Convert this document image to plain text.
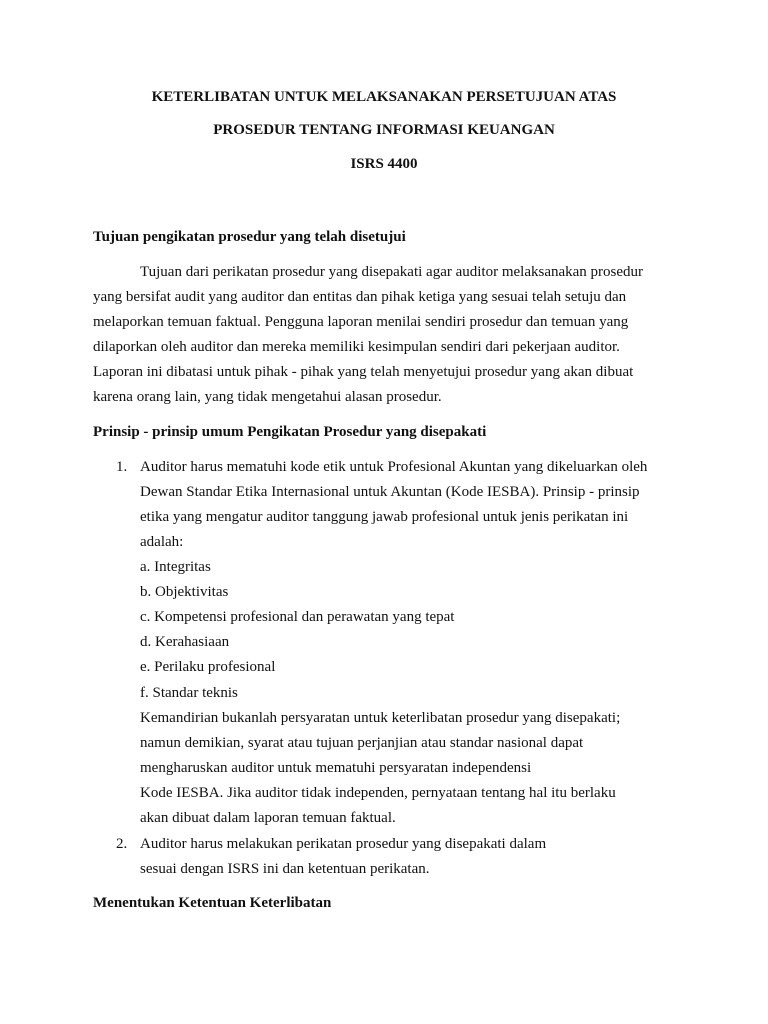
KETERLIBATAN UNTUK MELAKSANAKAN PERSETUJUAN ATAS
PROSEDUR TENTANG INFORMASI KEUANGAN
ISRS 4400
Tujuan pengikatan prosedur yang telah disetujui
Tujuan dari perikatan prosedur yang disepakati agar auditor melaksanakan prosedur
yang bersifat audit yang auditor dan entitas dan pihak ketiga yang sesuai telah setuju dan
melaporkan temuan faktual. Pengguna laporan menilai sendiri prosedur dan temuan yang
dilaporkan oleh auditor dan mereka memiliki kesimpulan sendiri dari pekerjaan auditor.
Laporan ini dibatasi untuk pihak - pihak yang telah menyetujui prosedur yang akan dibuat
karena orang lain, yang tidak mengetahui alasan prosedur.
Prinsip - prinsip umum Pengikatan Prosedur yang disepakati
1. Auditor harus mematuhi kode etik untuk Profesional Akuntan yang dikeluarkan oleh
Dewan Standar Etika Internasional untuk Akuntan (Kode IESBA). Prinsip - prinsip
etika yang mengatur auditor tanggung jawab profesional untuk jenis perikatan ini
adalah:
a. Integritas
b. Objektivitas
c. Kompetensi profesional dan perawatan yang tepat
d. Kerahasiaan
e. Perilaku profesional
f. Standar teknis
Kemandirian bukanlah persyaratan untuk keterlibatan prosedur yang disepakati;
namun demikian, syarat atau tujuan perjanjian atau standar nasional dapat
mengharuskan auditor untuk mematuhi persyaratan independensi
Kode IESBA. Jika auditor tidak independen, pernyataan tentang hal itu berlaku
akan dibuat dalam laporan temuan faktual.
2. Auditor harus melakukan perikatan prosedur yang disepakati dalam
sesuai dengan ISRS ini dan ketentuan perikatan.
Menentukan Ketentuan Keterlibatan
